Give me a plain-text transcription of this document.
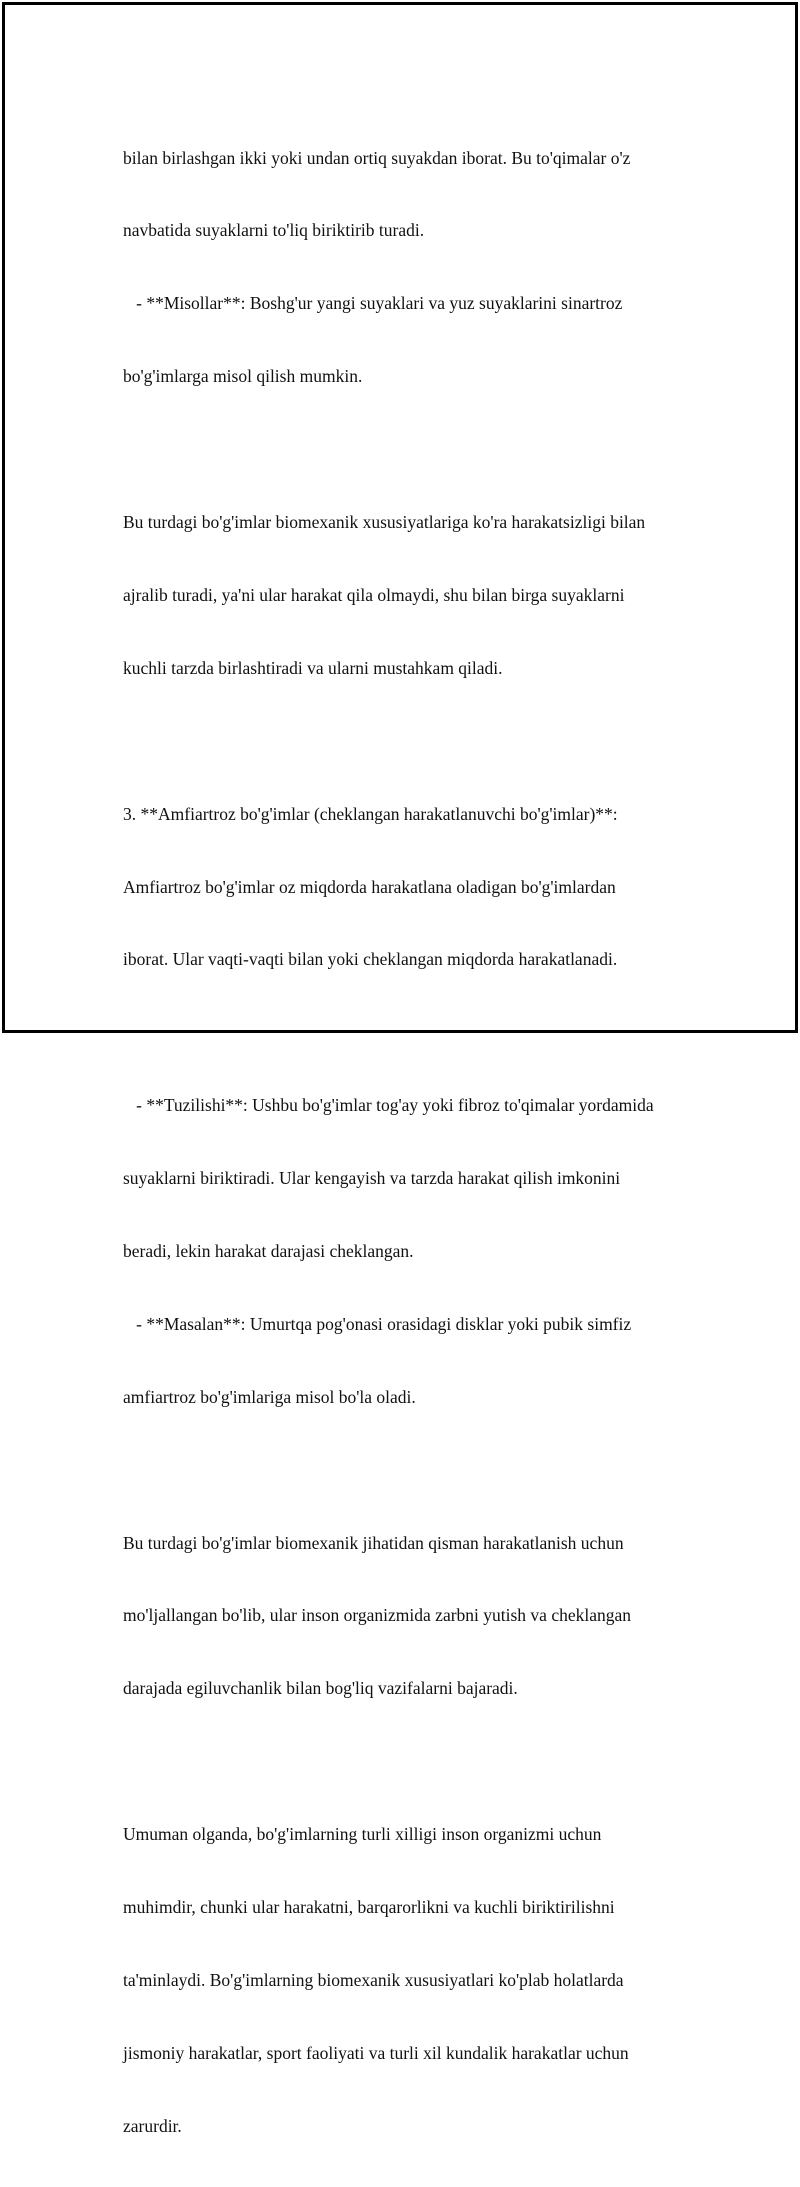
bilan birlashgan ikki yoki undan ortiq suyakdan iborat. Bu to'qimalar o'z

navbatida suyaklarni to'liq biriktirib turadi.

- **Misollar**: Boshg'ur yangi suyaklari va yuz suyaklarini sinartroz

bo'g'imlarga misol qilish mumkin.

Bu turdagi bo'g'imlar biomexanik xususiyatlariga ko'ra harakatsizligi bilan

ajralib turadi, ya'ni ular harakat qila olmaydi, shu bilan birga suyaklarni

kuchli tarzda birlashtiradi va ularni mustahkam qiladi.

3. **Amfiartroz bo'g'imlar (cheklangan harakatlanuvchi bo'g'imlar)**:

Amfiartroz bo'g'imlar oz miqdorda harakatlana oladigan bo'g'imlardan

iborat. Ular vaqti-vaqti bilan yoki cheklangan miqdorda harakatlanadi.

- **Tuzilishi**: Ushbu bo'g'imlar tog'ay yoki fibroz to'qimalar yordamida

suyaklarni biriktiradi. Ular kengayish va tarzda harakat qilish imkonini

beradi, lekin harakat darajasi cheklangan.

- **Masalan**: Umurtqa pog'onasi orasidagi disklar yoki pubik simfiz

amfiartroz bo'g'imlariga misol bo'la oladi.

Bu turdagi bo'g'imlar biomexanik jihatidan qisman harakatlanish uchun

mo'ljallangan bo'lib, ular inson organizmida zarbni yutish va cheklangan

darajada egiluvchanlik bilan bog'liq vazifalarni bajaradi.

Umuman olganda, bo'g'imlarning turli xilligi inson organizmi uchun

muhimdir, chunki ular harakatni, barqarorlikni va kuchli biriktirilishni

ta'minlaydi. Bo'g'imlarning biomexanik xususiyatlari ko'plab holatlarda

jismoniy harakatlar, sport faoliyati va turli xil kundalik harakatlar uchun

zarurdir.
